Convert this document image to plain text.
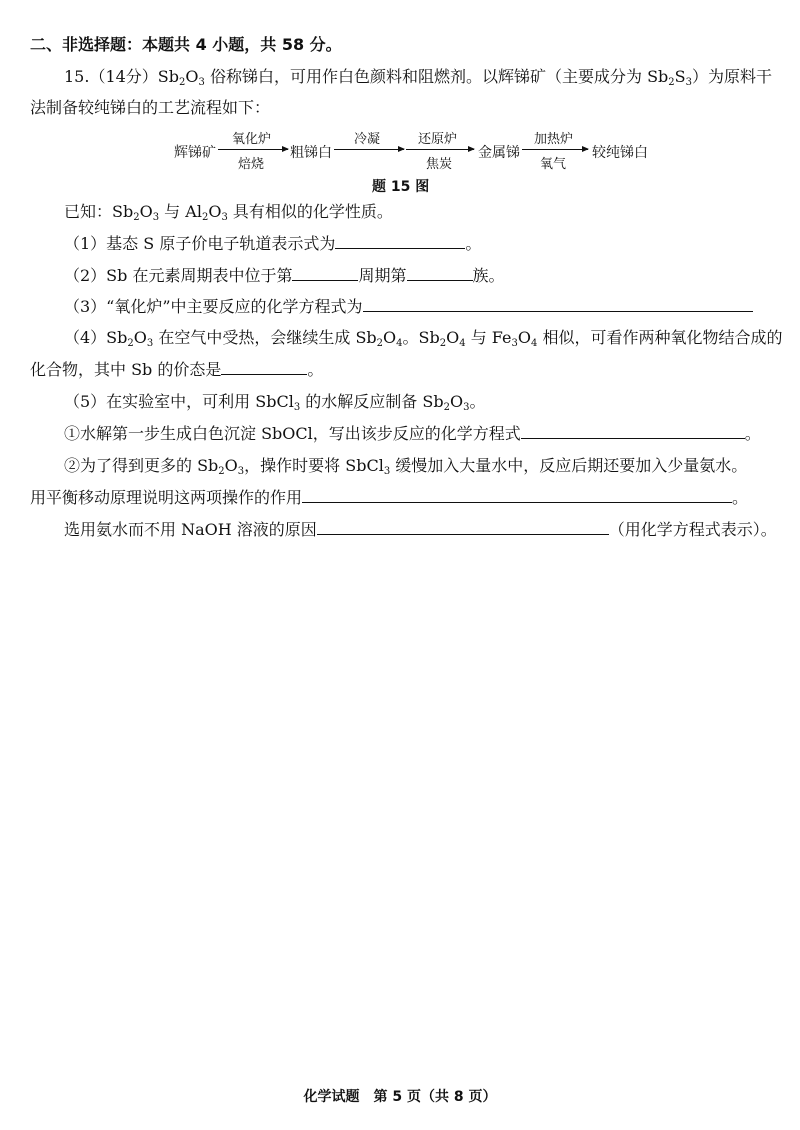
二、非选择题：本题共 4 小题，共 58 分。
15.（14分）$Sb_2O_3$ 俗称锑白，可用作白色颜料和阻燃剂。以辉锑矿（主要成分为 $Sb_2S_3$）为原料干
法制备较纯锑白的工艺流程如下：
辉锑矿
氧化炉
焙烧
粗锑白
冷凝	还原炉
焦炭
金属锑
加热炉
氧气
较纯锑白
题 15 图
已知：$Sb_2O_3$ 与 $Al_2O_3$ 具有相似的化学性质。
（1）基态 S 原子价电子轨道表示式为	。
（2）Sb 在元素周期表中位于第	周期第	族。
（3）“氧化炉”中主要反应的化学方程式为
$(4)Sb_2O_3$ 在空气中受热，会继续生成 $Sb_2O_4$。$Sb_2O_4$ 与 $Fe_3O_4$ 相似，可看作两种氧化物结合成的
化合物，其中 Sb 的价态是	。
（5）在实验室中，可利用 SbCl$_3$ 的水解反应制备 $Sb_2O_3$。
①水解第一步生成白色沉淀 SbOCl，写出该步反应的化学方程式	。
②为了得到更多的 $Sb_2O_3$，操作时要将 SbCl$_3$ 缓慢加入大量水中，反应后期还要加入少量氨水。
用平衡移动原理说明这两项操作的作用	。
选用氨水而不用 NaOH 溶液的原因	（用化学方程式表示）。
化学试题　第 5 页（共 8 页）
